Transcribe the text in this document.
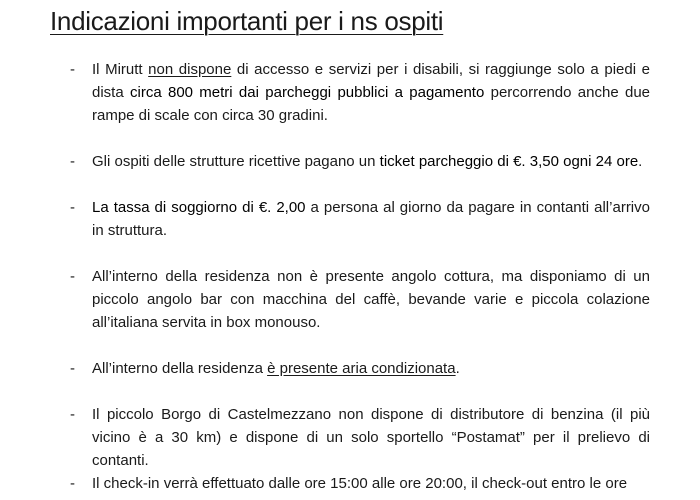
Indicazioni importanti per i ns ospiti
- Il Mirutt non dispone di accesso e servizi per i disabili, si raggiunge solo a piedi e dista circa 800 metri dai parcheggi pubblici a pagamento percorrendo anche due rampe di scale con circa 30 gradini.
- Gli ospiti delle strutture ricettive pagano un ticket parcheggio di €. 3,50 ogni 24 ore.
- La tassa di soggiorno di €. 2,00 a persona al giorno da pagare in contanti all’arrivo in struttura.
- All’interno della residenza non è presente angolo cottura, ma disponiamo di un piccolo angolo bar con macchina del caffè, bevande varie e piccola colazione all’italiana servita in box monouso.
- All’interno della residenza è presente aria condizionata.
- Il piccolo Borgo di Castelmezzano non dispone di distributore di benzina (il più vicino è a 30 km) e dispone di un solo sportello “Postamat” per il prelievo di contanti.
- Il check-in verrà effettuato dalle ore 15:00 alle ore 20:00, il check-out entro le ore
